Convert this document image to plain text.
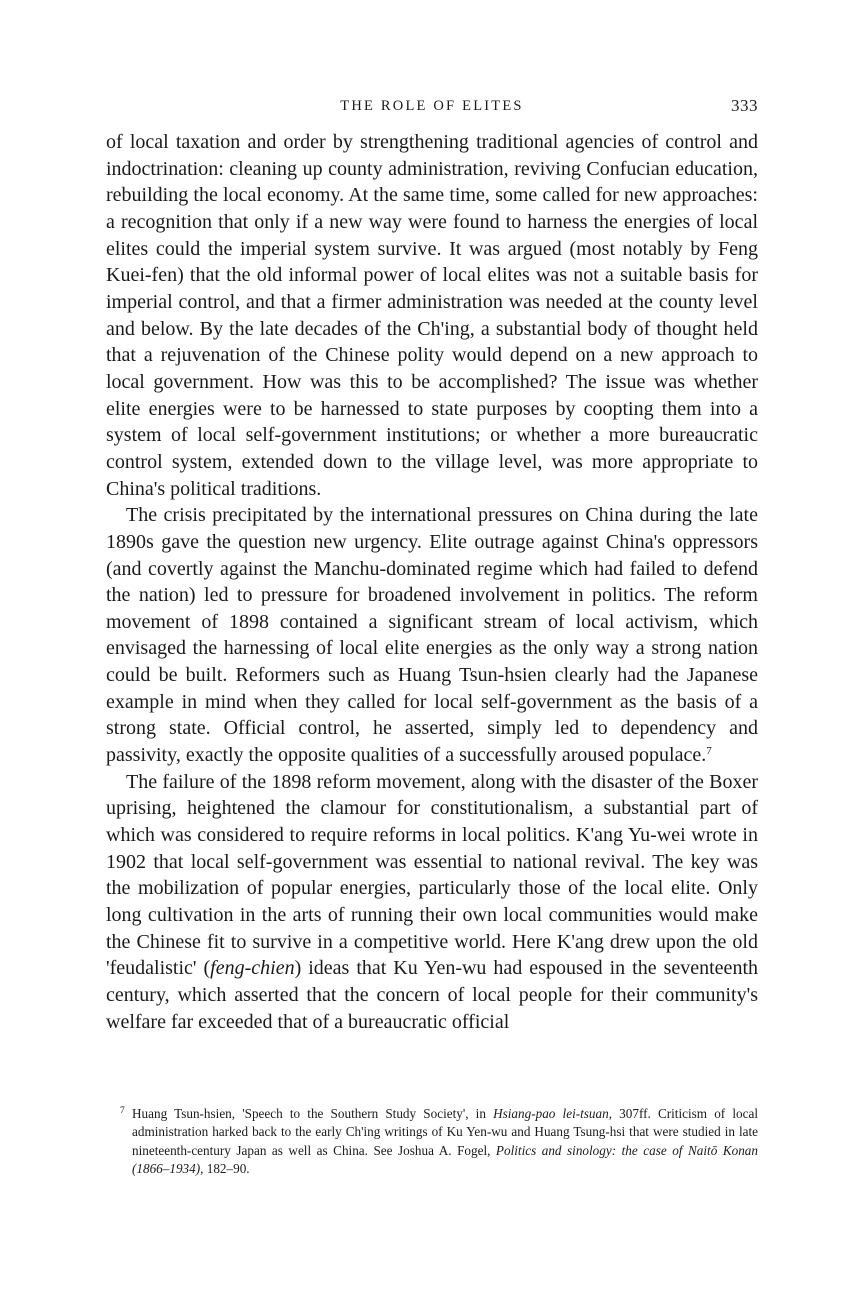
THE ROLE OF ELITES	333

of local taxation and order by strengthening traditional agencies of control and indoctrination: cleaning up county administration, reviving Confucian education, rebuilding the local economy. At the same time, some called for new approaches: a recognition that only if a new way were found to harness the energies of local elites could the imperial system survive. It was argued (most notably by Feng Kuei-fen) that the old informal power of local elites was not a suitable basis for imperial control, and that a firmer administration was needed at the county level and below. By the late decades of the Ch'ing, a substantial body of thought held that a rejuvenation of the Chinese polity would depend on a new approach to local government. How was this to be accomplished? The issue was whether elite energies were to be harnessed to state purposes by coopting them into a system of local self-government institutions; or whether a more bureaucratic control system, extended down to the village level, was more appropriate to China's political traditions.

The crisis precipitated by the international pressures on China during the late 1890s gave the question new urgency. Elite outrage against China's oppressors (and covertly against the Manchu-dominated regime which had failed to defend the nation) led to pressure for broadened involvement in politics. The reform movement of 1898 contained a significant stream of local activism, which envisaged the harnessing of local elite energies as the only way a strong nation could be built. Reformers such as Huang Tsun-hsien clearly had the Japanese example in mind when they called for local self-government as the basis of a strong state. Official control, he asserted, simply led to dependency and passivity, exactly the opposite qualities of a successfully aroused populace.$^7$

The failure of the 1898 reform movement, along with the disaster of the Boxer uprising, heightened the clamour for constitutionalism, a substantial part of which was considered to require reforms in local politics. K'ang Yu-wei wrote in 1902 that local self-government was essential to national revival. The key was the mobilization of popular energies, particularly those of the local elite. Only long cultivation in the arts of running their own local communities would make the Chinese fit to survive in a competitive world. Here K'ang drew upon the old 'feudalistic' (feng-chien) ideas that Ku Yen-wu had espoused in the seventeenth century, which asserted that the concern of local people for their community's welfare far exceeded that of a bureaucratic official

7 Huang Tsun-hsien, 'Speech to the Southern Study Society', in Hsiang-pao lei-tsuan, 307ff. Criticism of local administration harked back to the early Ch'ing writings of Ku Yen-wu and Huang Tsung-hsi that were studied in late nineteenth-century Japan as well as China. See Joshua A. Fogel, Politics and sinology: the case of Naitō Konan (1866–1934), 182–90.
